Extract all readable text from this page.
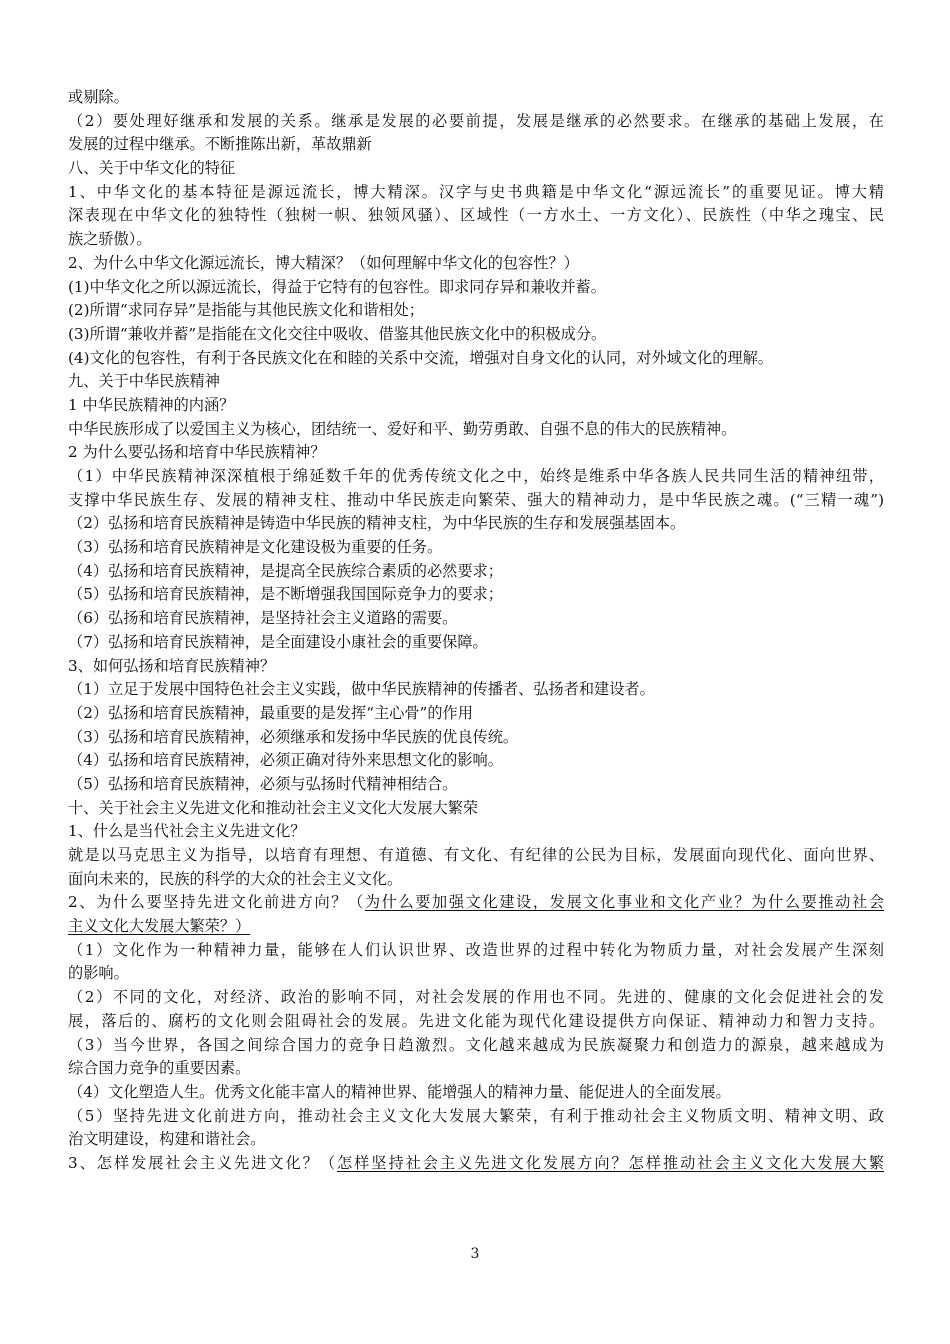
或剔除。
（2）要处理好继承和发展的关系。继承是发展的必要前提，发展是继承的必然要求。在继承的基础上发展，在
发展的过程中继承。不断推陈出新，革故鼎新
八、关于中华文化的特征
1、中华文化的基本特征是源远流长，博大精深。汉字与史书典籍是中华文化“源远流长”的重要见证。博大精
深表现在中华文化的独特性（独树一帜、独领风骚）、区域性（一方水土、一方文化）、民族性（中华之瑰宝、民
族之骄傲）。
2、为什么中华文化源远流长，博大精深？（如何理解中华文化的包容性？）
(1)中华文化之所以源远流长，得益于它特有的包容性。即求同存异和兼收并蓄。
(2)所谓“求同存异”是指能与其他民族文化和谐相处；
(3)所谓“兼收并蓄”是指能在文化交往中吸收、借鉴其他民族文化中的积极成分。
(4)文化的包容性，有利于各民族文化在和睦的关系中交流，增强对自身文化的认同，对外域文化的理解。
九、关于中华民族精神
1 中华民族精神的内涵？
中华民族形成了以爱国主义为核心，团结统一、爱好和平、勤劳勇敢、自强不息的伟大的民族精神。
2 为什么要弘扬和培育中华民族精神？
（1）中华民族精神深深植根于绵延数千年的优秀传统文化之中，始终是维系中华各族人民共同生活的精神纽带，
支撑中华民族生存、发展的精神支柱、推动中华民族走向繁荣、强大的精神动力，是中华民族之魂。(“三精一魂”)
（2）弘扬和培育民族精神是铸造中华民族的精神支柱，为中华民族的生存和发展强基固本。
（3）弘扬和培育民族精神是文化建设极为重要的任务。
（4）弘扬和培育民族精神，是提高全民族综合素质的必然要求；
（5）弘扬和培育民族精神，是不断增强我国国际竞争力的要求；
（6）弘扬和培育民族精神，是坚持社会主义道路的需要。
（7）弘扬和培育民族精神，是全面建设小康社会的重要保障。
3、如何弘扬和培育民族精神？
（1）立足于发展中国特色社会主义实践，做中华民族精神的传播者、弘扬者和建设者。
（2）弘扬和培育民族精神，最重要的是发挥“主心骨”的作用
（3）弘扬和培育民族精神，必须继承和发扬中华民族的优良传统。
（4）弘扬和培育民族精神，必须正确对待外来思想文化的影响。
（5）弘扬和培育民族精神，必须与弘扬时代精神相结合。
十、关于社会主义先进文化和推动社会主义文化大发展大繁荣
1、什么是当代社会主义先进文化？
就是以马克思主义为指导，以培育有理想、有道德、有文化、有纪律的公民为目标，发展面向现代化、面向世界、
面向未来的，民族的科学的大众的社会主义文化。
2、为什么要坚持先进文化前进方向？（为什么要加强文化建设，发展文化事业和文化产业？为什么要推动社会
主义文化大发展大繁荣？）
（1）文化作为一种精神力量，能够在人们认识世界、改造世界的过程中转化为物质力量，对社会发展产生深刻
的影响。
（2）不同的文化，对经济、政治的影响不同，对社会发展的作用也不同。先进的、健康的文化会促进社会的发
展，落后的、腐朽的文化则会阻碍社会的发展。先进文化能为现代化建设提供方向保证、精神动力和智力支持。
（3）当今世界，各国之间综合国力的竞争日趋激烈。文化越来越成为民族凝聚力和创造力的源泉，越来越成为
综合国力竞争的重要因素。
（4）文化塑造人生。优秀文化能丰富人的精神世界、能增强人的精神力量、能促进人的全面发展。
（5）坚持先进文化前进方向，推动社会主义文化大发展大繁荣，有利于推动社会主义物质文明、精神文明、政
治文明建设，构建和谐社会。
3、怎样发展社会主义先进文化？（怎样坚持社会主义先进文化发展方向？怎样推动社会主义文化大发展大繁
3
